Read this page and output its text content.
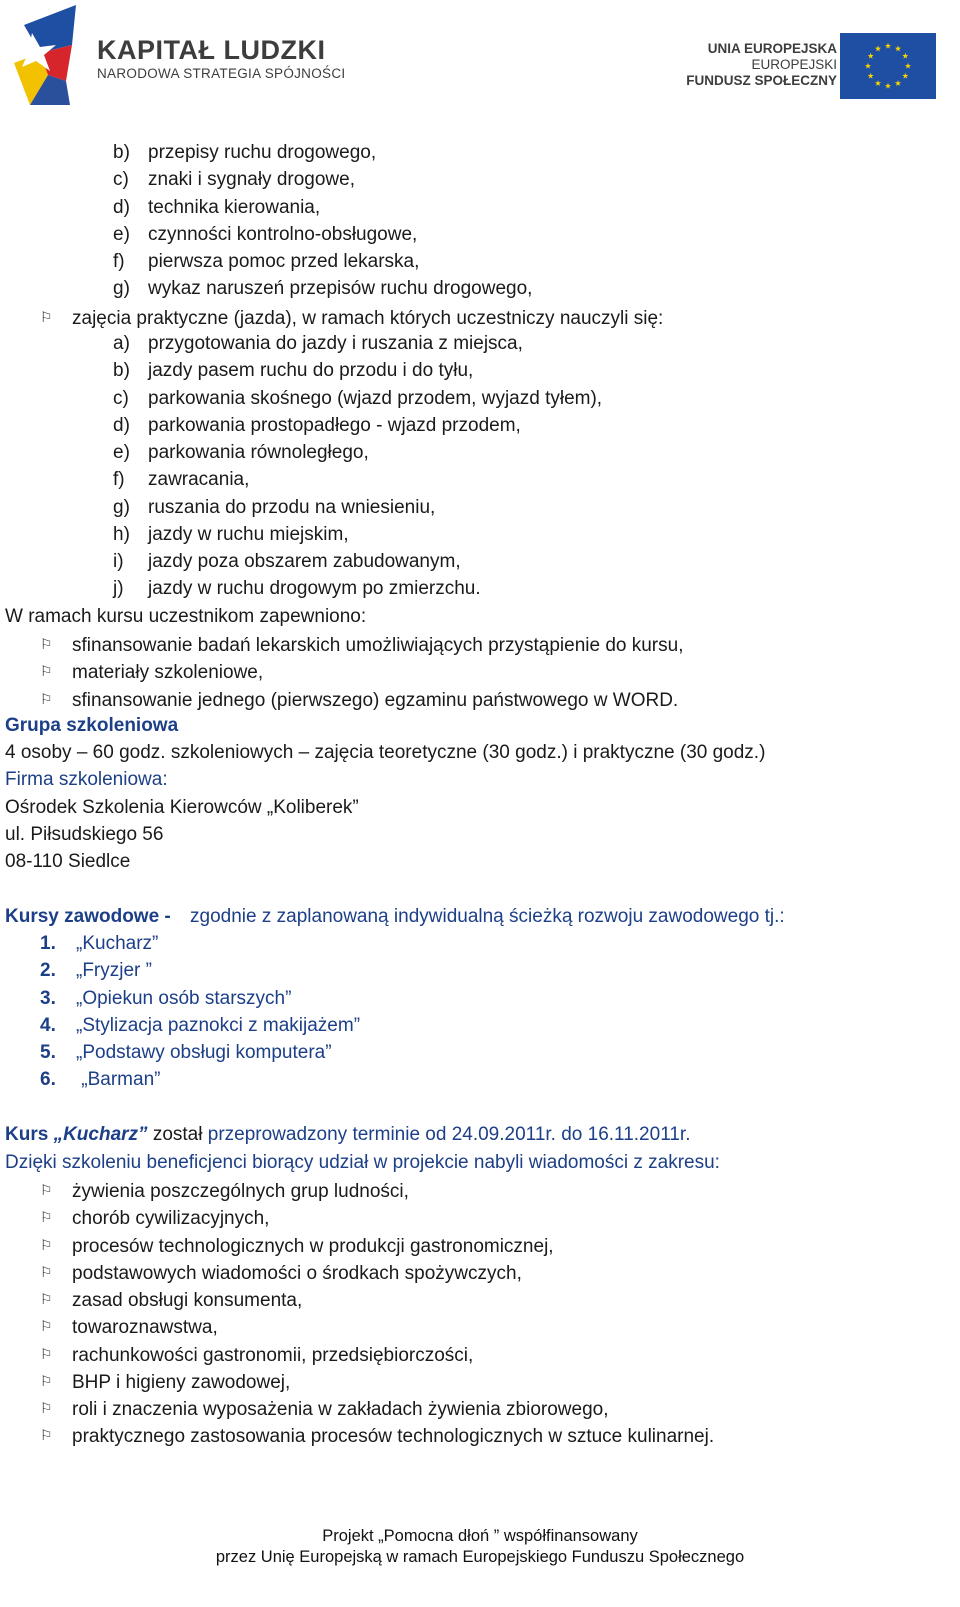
KAPITAŁ LUDZKI
NARODOWA STRATEGIA SPÓJNOŚCI
UNIA EUROPEJSKA
EUROPEJSKI
FUNDUSZ SPOŁECZNY
b) przepisy ruchu drogowego,
c) znaki i sygnały drogowe,
d) technika kierowania,
e) czynności kontrolno-obsługowe,
f) pierwsza pomoc przed lekarska,
g) wykaz naruszeń przepisów ruchu drogowego,
⚐ zajęcia praktyczne (jazda), w ramach których uczestniczy nauczyli się:
a) przygotowania do jazdy i ruszania z miejsca,
b) jazdy pasem ruchu do przodu i do tyłu,
c) parkowania skośnego (wjazd przodem, wyjazd tyłem),
d) parkowania prostopadłego - wjazd przodem,
e) parkowania równoległego,
f) zawracania,
g) ruszania do przodu na wniesieniu,
h) jazdy w ruchu miejskim,
i) jazdy poza obszarem zabudowanym,
j) jazdy w ruchu drogowym po zmierzchu.
W ramach kursu uczestnikom zapewniono:
⚐ sfinansowanie badań lekarskich umożliwiających przystąpienie do kursu,
⚐ materiały szkoleniowe,
⚐ sfinansowanie jednego (pierwszego) egzaminu państwowego w WORD.
Grupa szkoleniowa
4 osoby – 60 godz. szkoleniowych – zajęcia teoretyczne (30 godz.) i praktyczne (30 godz.)
Firma szkoleniowa:
Ośrodek Szkolenia Kierowców „Koliberek”
ul. Piłsudskiego 56
08-110 Siedlce
Kursy zawodowe - zgodnie z zaplanowaną indywidualną ścieżką rozwoju zawodowego tj.:
1. „Kucharz”
2. „Fryzjer ”
3. „Opiekun osób starszych”
4. „Stylizacja paznokci z makijażem”
5. „Podstawy obsługi komputera”
6. „Barman”
Kurs „Kucharz” został przeprowadzony terminie od 24.09.2011r. do 16.11.2011r.
Dzięki szkoleniu beneficjenci biorący udział w projekcie nabyli wiadomości z zakresu:
⚐ żywienia poszczególnych grup ludności,
⚐ chorób cywilizacyjnych,
⚐ procesów technologicznych w produkcji gastronomicznej,
⚐ podstawowych wiadomości o środkach spożywczych,
⚐ zasad obsługi konsumenta,
⚐ towaroznawstwa,
⚐ rachunkowości gastronomii, przedsiębiorczości,
⚐ BHP i higieny zawodowej,
⚐ roli i znaczenia wyposażenia w zakładach żywienia zbiorowego,
⚐ praktycznego zastosowania procesów technologicznych w sztuce kulinarnej.
Projekt „Pomocna dłoń ” współfinansowany
przez Unię Europejską w ramach Europejskiego Funduszu Społecznego
